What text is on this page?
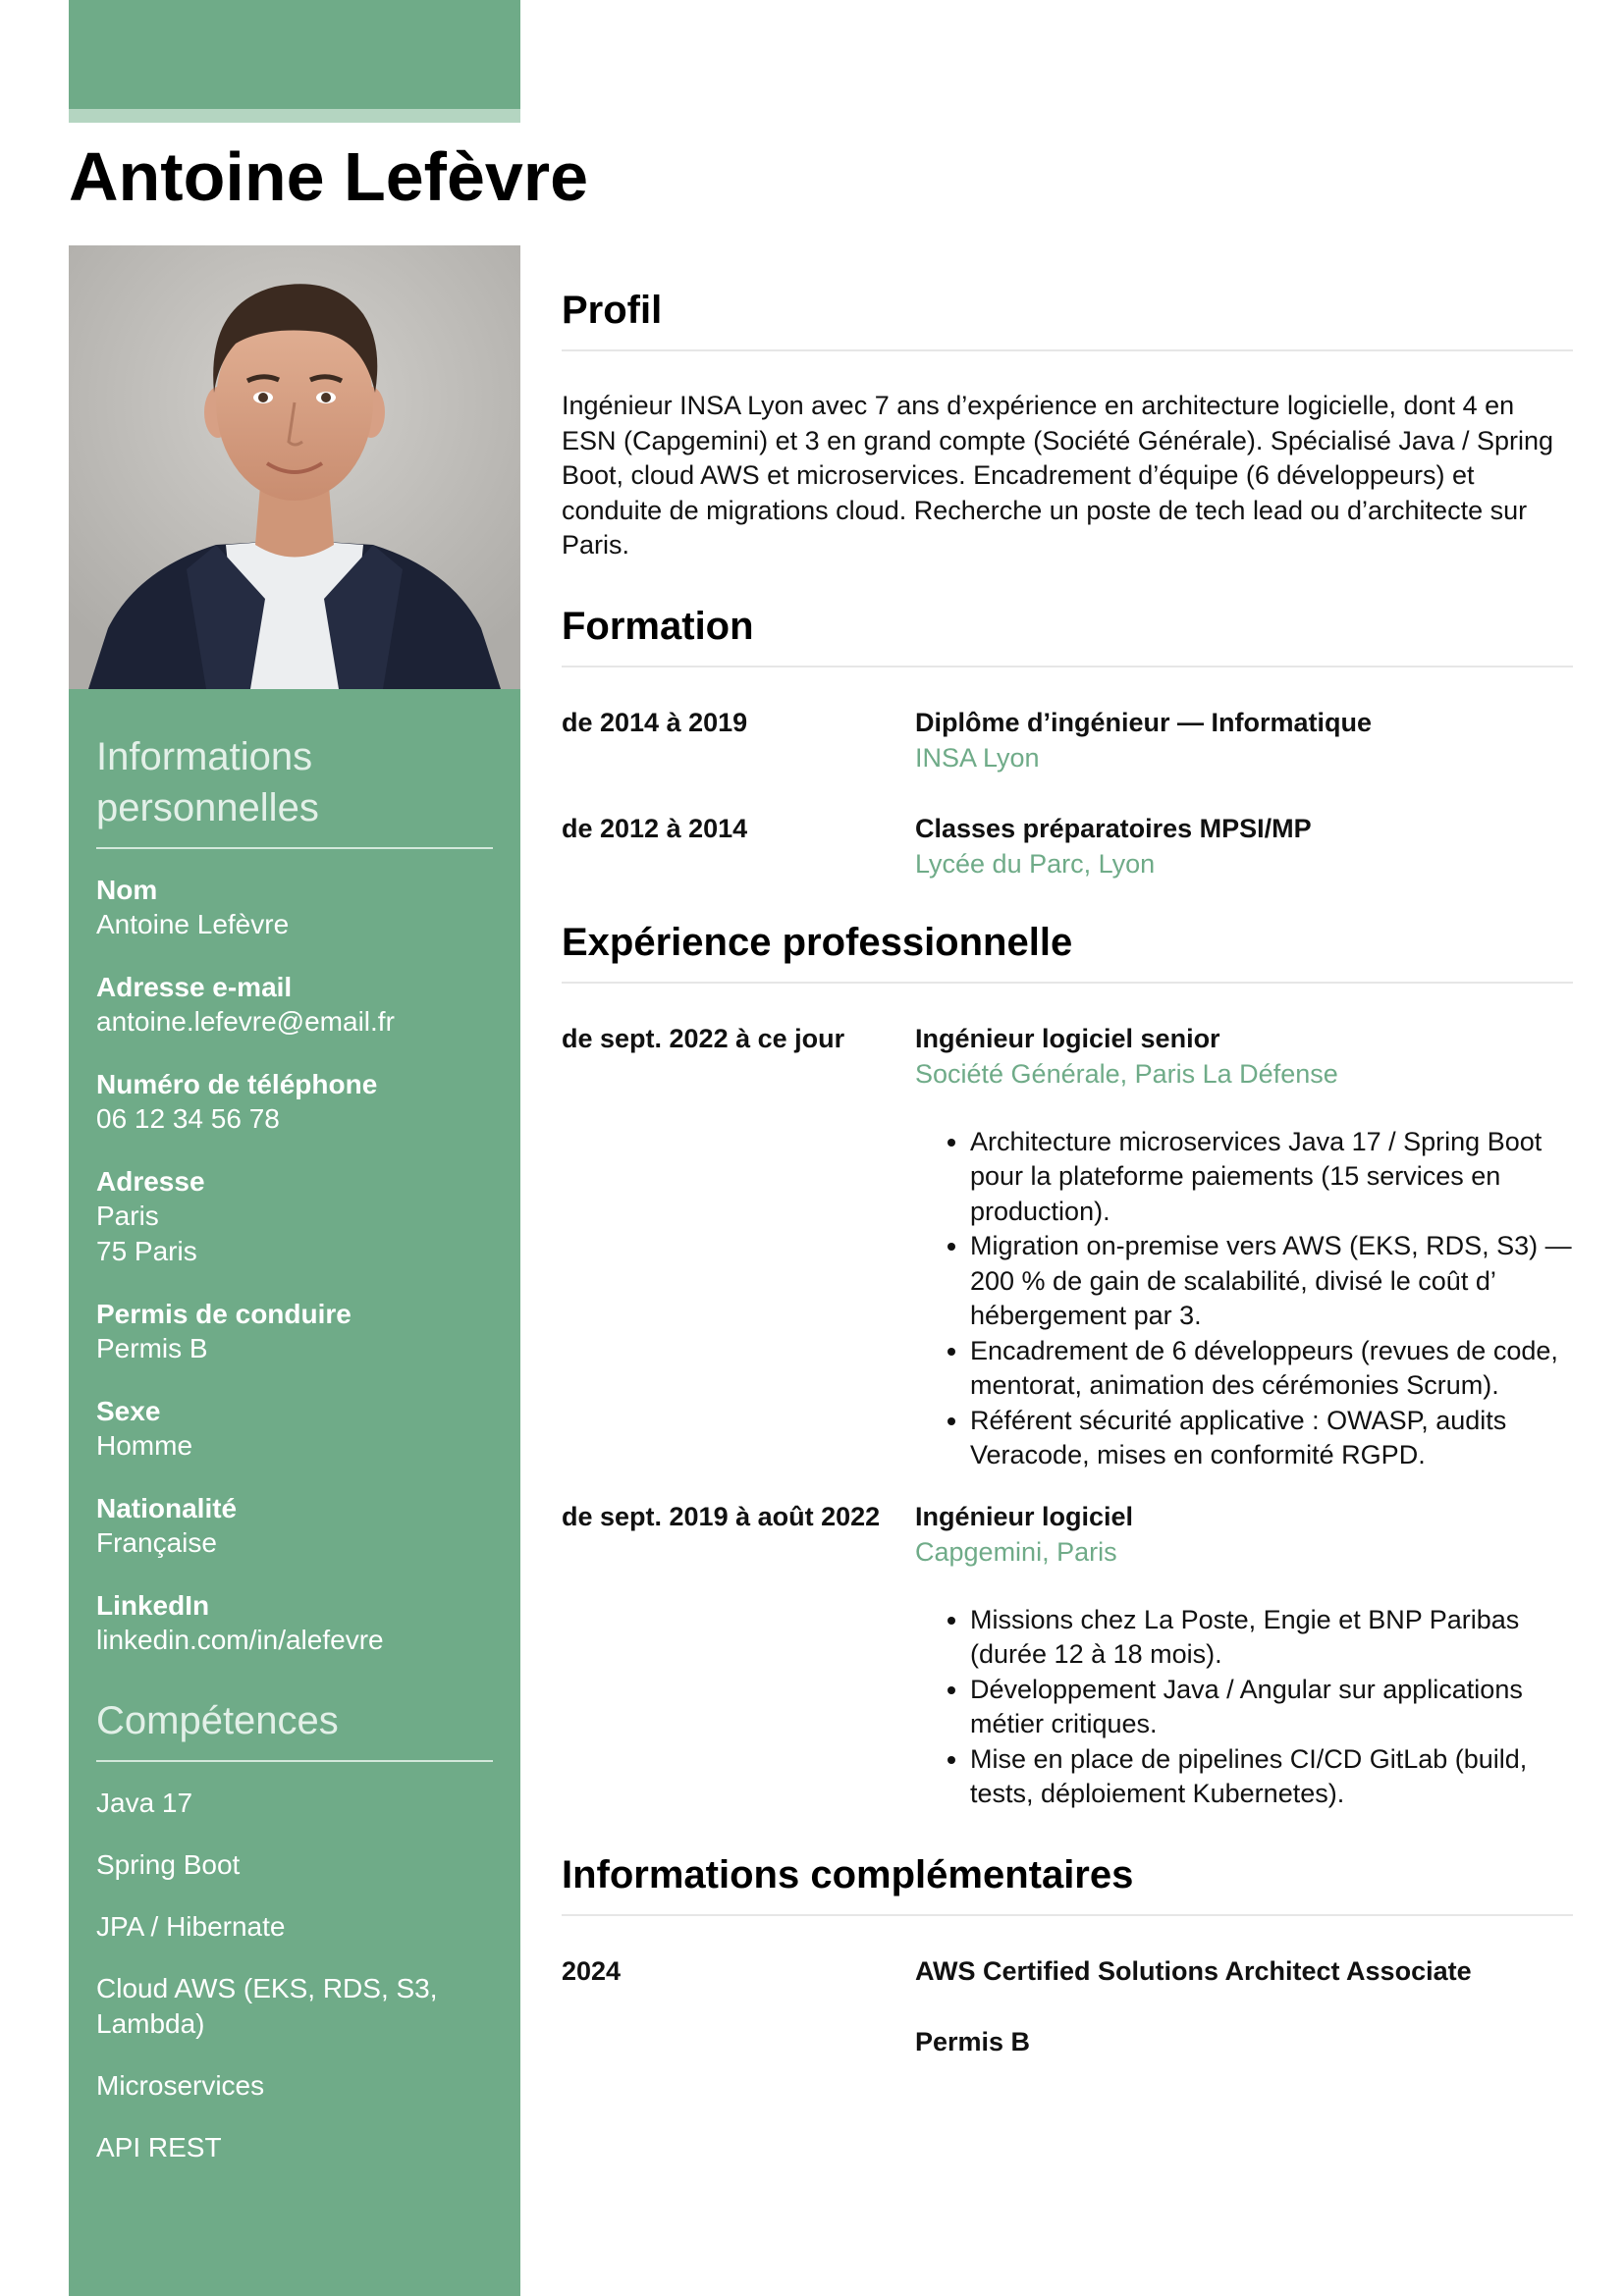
Antoine Lefèvre
Informations personnelles
Nom
Antoine Lefèvre
Adresse e-mail
antoine.lefevre@email.fr
Numéro de téléphone
06 12 34 56 78
Adresse
Paris
75 Paris
Permis de conduire
Permis B
Sexe
Homme
Nationalité
Française
LinkedIn
linkedin.com/in/alefevre
Compétences
Java 17
Spring Boot
JPA / Hibernate
Cloud AWS (EKS, RDS, S3, Lambda)
Microservices
API REST
Profil

Ingénieur INSA Lyon avec 7 ans d’expérience en architecture logicielle, dont 4 en ESN (Capgemini) et 3 en grand compte (Société Générale). Spécialisé Java / Spring Boot, cloud AWS et microservices. Encadrement d’équipe (6 développeurs) et conduite de migrations cloud. Recherche un poste de tech lead ou d’architecte sur Paris.

Formation
de 2014 à 2019	Diplôme d’ingénieur — Informatique
INSA Lyon
de 2012 à 2014	Classes préparatoires MPSI/MP
Lycée du Parc, Lyon
Expérience professionnelle
de sept. 2022 à ce jour	Ingénieur logiciel senior
Société Générale, Paris La Défense
• Architecture microservices Java 17 / Spring Boot pour la plateforme paiements (15 services en production).
• Migration on-premise vers AWS (EKS, RDS, S3) — 200 % de gain de scalabilité, divisé le coût d’ hébergement par 3.
• Encadrement de 6 développeurs (revues de code, mentorat, animation des cérémonies Scrum).
• Référent sécurité applicative : OWASP, audits Veracode, mises en conformité RGPD.
de sept. 2019 à août 2022	Ingénieur logiciel
Capgemini, Paris
• Missions chez La Poste, Engie et BNP Paribas (durée 12 à 18 mois).
• Développement Java / Angular sur applications métier critiques.
• Mise en place de pipelines CI/CD GitLab (build, tests, déploiement Kubernetes).
Informations complémentaires
2024	AWS Certified Solutions Architect Associate
Permis B
